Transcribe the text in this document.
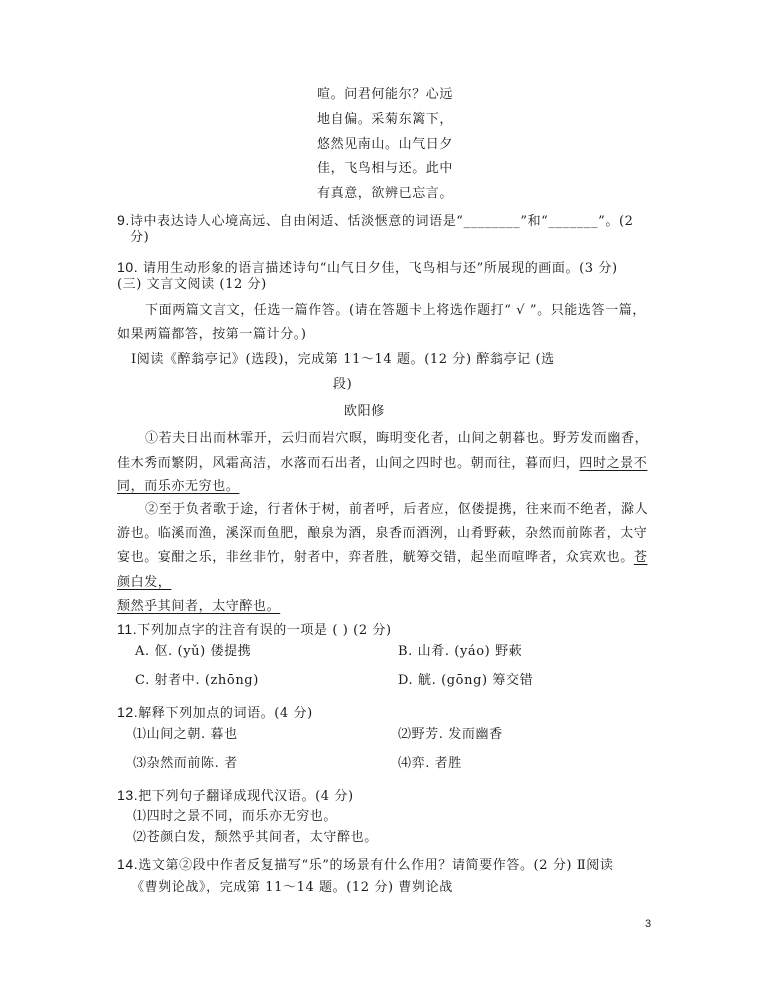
喧。问君何能尔？心远
地自偏。采菊东篱下，
悠然见南山。山气日夕
佳，飞鸟相与还。此中
有真意，欲辨已忘言。
9.诗中表达诗人心境高远、自由闲适、恬淡惬意的词语是“________”和“_______”。(2
分)
10. 请用生动形象的语言描述诗句“山气日夕佳，飞鸟相与还”所展现的画面。(3 分)
(三) 文言文阅读 (12 分)
下面两篇文言文，任选一篇作答。(请在答题卡上将选作题打“ √ ”。只能选答一篇，
如果两篇都答，按第一篇计分。)
Ⅰ阅读《醉翁亭记》(选段)，完成第 11～14 题。(12 分) 醉翁亭记 (选
段)
欧阳修
①若夫日出而林霏开，云归而岩穴暝，晦明变化者，山间之朝暮也。野芳发而幽香，
佳木秀而繁阴，风霜高洁，水落而石出者，山间之四时也。朝而往，暮而归，四时之景不
同，而乐亦无穷也。
②至于负者歌于途，行者休于树，前者呼，后者应，伛偻提携，往来而不绝者，滁人
游也。临溪而渔，溪深而鱼肥，酿泉为酒，泉香而酒洌，山肴野蔌，杂然而前陈者，太守
宴也。宴酣之乐，非丝非竹，射者中，弈者胜，觥筹交错，起坐而喧哗者，众宾欢也。苍
颜白发，
颓然乎其间者，太守醉也。
11.下列加点字的注音有误的一项是 ( ) (2 分)
A. 伛. (yǔ) 偻提携	B. 山肴. (yáo) 野蔌
C. 射者中. (zhōng)	D. 觥. (gōng) 筹交错
12.解释下列加点的词语。(4 分)
⑴山间之朝. 暮也	⑵野芳. 发而幽香
⑶杂然而前陈. 者	⑷弈. 者胜
13.把下列句子翻译成现代汉语。(4 分)
⑴四时之景不同，而乐亦无穷也。
⑵苍颜白发，颓然乎其间者，太守醉也。
14.选文第②段中作者反复描写“乐”的场景有什么作用？请简要作答。(2 分) Ⅱ阅读
《曹刿论战》，完成第 11～14 题。(12 分) 曹刿论战
3
